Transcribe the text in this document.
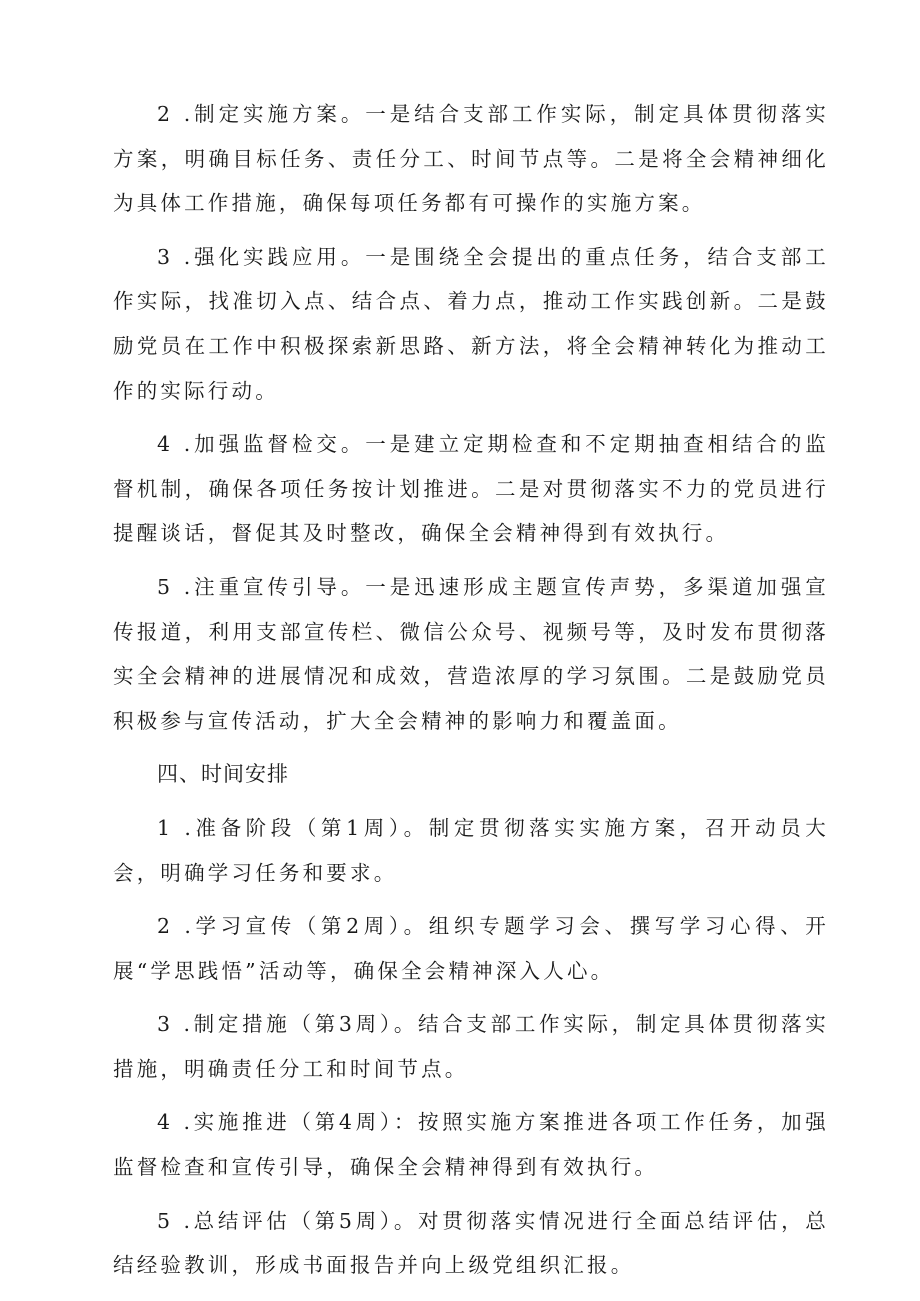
2 .制定实施方案。一是结合支部工作实际，制定具体贯彻落实方案，明确目标任务、责任分工、时间节点等。二是将全会精神细化为具体工作措施，确保每项任务都有可操作的实施方案。

3 .强化实践应用。一是围绕全会提出的重点任务，结合支部工作实际，找准切入点、结合点、着力点，推动工作实践创新。二是鼓励党员在工作中积极探索新思路、新方法，将全会精神转化为推动工作的实际行动。

4 .加强监督检交。一是建立定期检查和不定期抽查相结合的监督机制，确保各项任务按计划推进。二是对贯彻落实不力的党员进行提醒谈话，督促其及时整改，确保全会精神得到有效执行。

5 .注重宣传引导。一是迅速形成主题宣传声势，多渠道加强宣传报道，利用支部宣传栏、微信公众号、视频号等，及时发布贯彻落实全会精神的进展情况和成效，营造浓厚的学习氛围。二是鼓励党员积极参与宣传活动，扩大全会精神的影响力和覆盖面。

四、时间安排

1 .准备阶段（第1周）。制定贯彻落实实施方案，召开动员大会，明确学习任务和要求。

2 .学习宣传（第2周）。组织专题学习会、撰写学习心得、开展“学思践悟”活动等，确保全会精神深入人心。

3 .制定措施（第3周）。结合支部工作实际，制定具体贯彻落实措施，明确责任分工和时间节点。

4 .实施推进（第4周）：按照实施方案推进各项工作任务，加强监督检查和宣传引导，确保全会精神得到有效执行。

5 .总结评估（第5周）。对贯彻落实情况进行全面总结评估，总结经验教训，形成书面报告并向上级党组织汇报。
